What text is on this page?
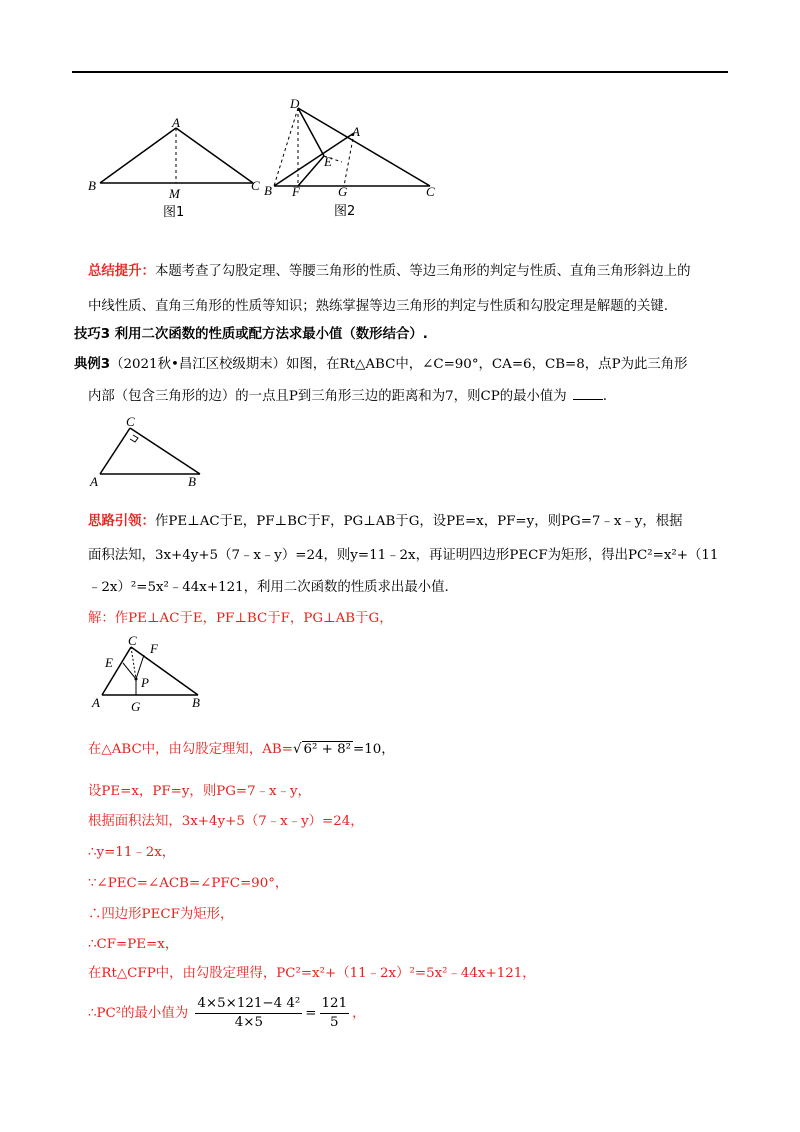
A
B
M
C
图1
D
A
E
B F	G	C
图2
总结提升：本题考查了勾股定理、等腰三角形的性质、等边三角形的判定与性质、直角三角形斜边上的
中线性质、直角三角形的性质等知识；熟练掌握等边三角形的判定与性质和勾股定理是解题的关键.
技巧3 利用二次函数的性质或配方法求最小值（数形结合）.
典例3（2021秋•昌江区校级期末）如图，在Rt△ABC中，∠C=90°，CA=6，CB=8，点P为此三角形
内部（包含三角形的边）的一点且P到三角形三边的距离和为7，则CP的最小值为	.
C
A	B
思路引领：作PE⊥AC于E，PF⊥BC于F，PG⊥AB于G，设PE=x，PF=y，则PG=7﹣x﹣y，根据
面积法知，3x+4y+5（7﹣x﹣y）=24，则y=11﹣2x，再证明四边形PECF为矩形，得出PC²=x²+（11
﹣2x）²=5x²﹣44x+121，利用二次函数的性质求出最小值.
解：作PE⊥AC于E，PF⊥BC于F，PG⊥AB于G，
C
F
E
P
A G	B
在△ABC中，由勾股定理知，AB=√ 6² + 8² =10，
设PE=x，PF=y，则PG=7﹣x﹣y，
根据面积法知，3x+4y+5（7﹣x﹣y）=24，
∴y=11﹣2x，
∵∠PEC=∠ACB=∠PFC=90°，
∴四边形PECF为矩形，
∴CF=PE=x，
在Rt△CFP中，由勾股定理得，PC²=x²+（11﹣2x）²=5x²﹣44x+121，
∴PC²的最小值为 $\frac{\text{4×5×121−4 4²}}{4\times 5} = \frac{121}{5}$ ，
